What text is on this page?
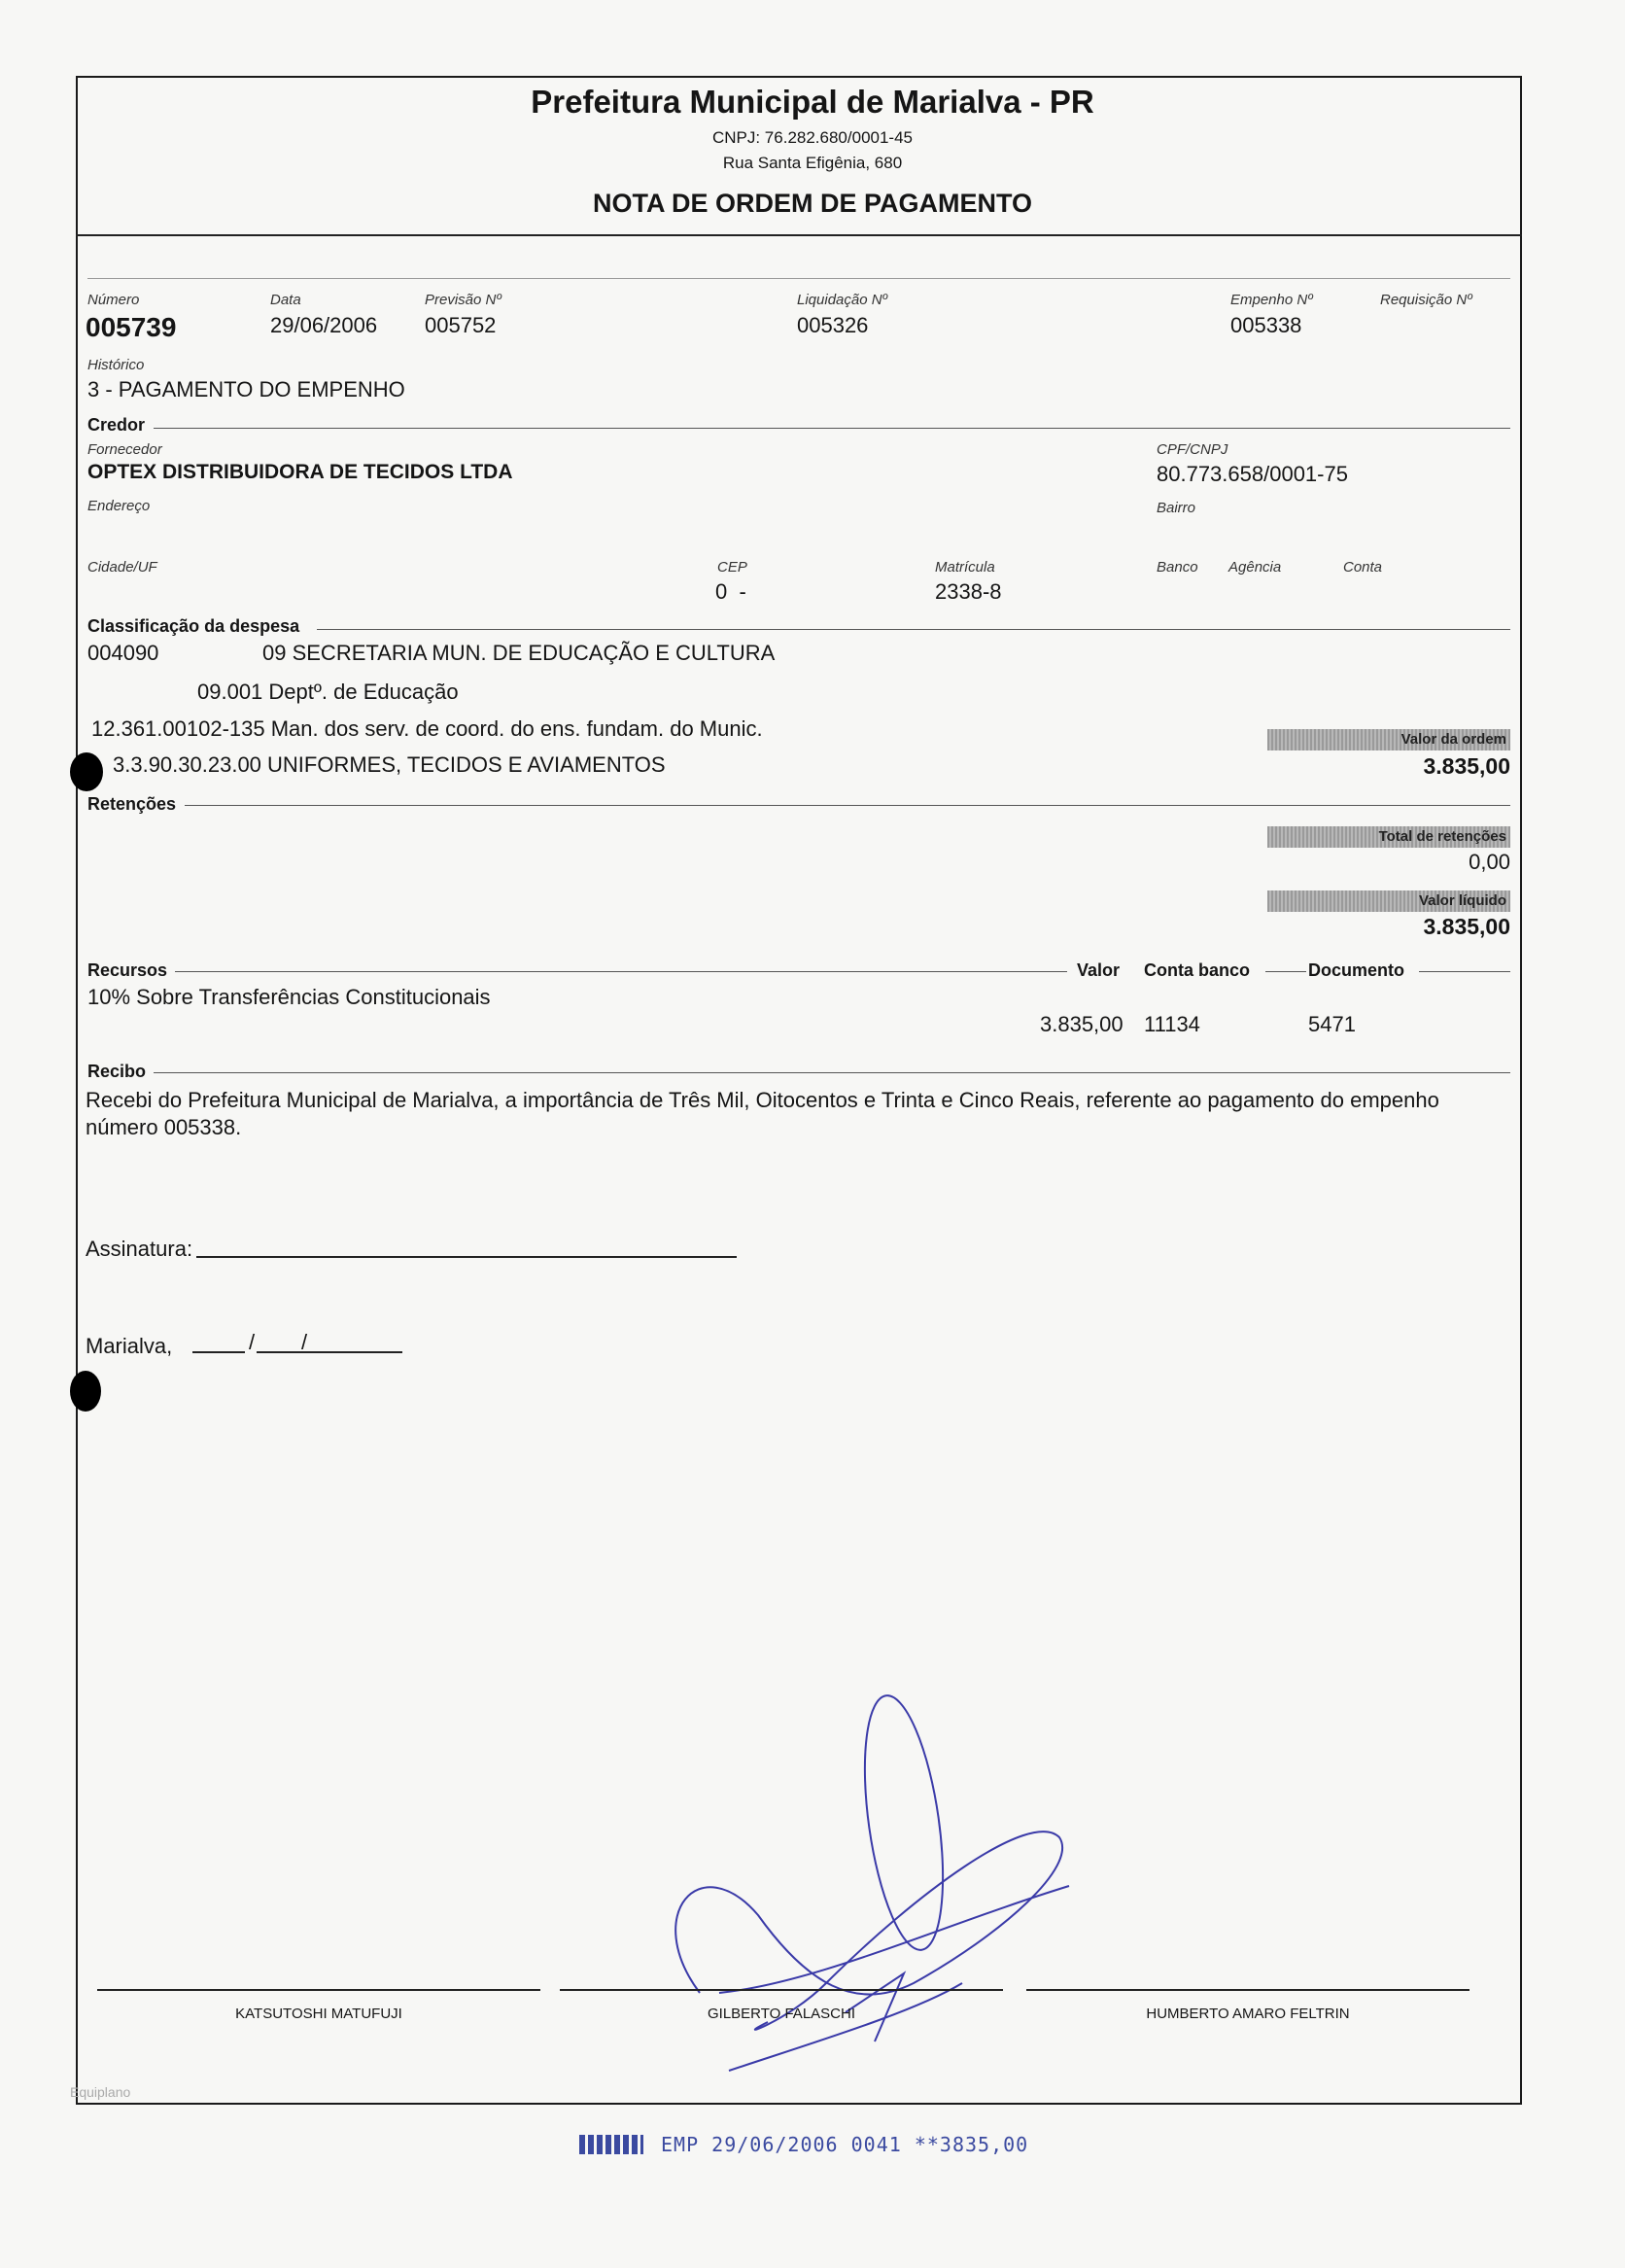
Prefeitura Municipal de Marialva - PR
CNPJ: 76.282.680/0001-45
Rua Santa Efigênia, 680
NOTA DE ORDEM DE PAGAMENTO
Número
005739
Data
29/06/2006
Previsão Nº
005752
Liquidação Nº
005326
Empenho Nº
005338
Requisição Nº
Histórico
3 - PAGAMENTO DO EMPENHO
Credor
Fornecedor
OPTEX DISTRIBUIDORA DE TECIDOS LTDA
CPF/CNPJ
80.773.658/0001-75
Endereço	Bairro
Cidade/UF	CEP
0  -
Matrícula
2338-8
Banco Agência	Conta
Classificação da despesa
004090	09 SECRETARIA MUN. DE EDUCAÇÃO E CULTURA
09.001 Deptº. de Educação
12.361.00102-135 Man. dos serv. de coord. do ens. fundam. do Munic.
3.3.90.30.23.00 UNIFORMES, TECIDOS E AVIAMENTOS
Valor da ordem
3.835,00
Retenções
Total de retenções
0,00
Valor líquido
3.835,00
Recursos	Valor Conta banco	Documento
10% Sobre Transferências Constitucionais
3.835,00 11134	5471
Recibo
Recebi do Prefeitura Municipal de Marialva, a importância de Três Mil, Oitocentos e Trinta e Cinco Reais, referente ao pagamento do empenho número 005338.
Assinatura:
Marialva,	/ /
KATSUTOSHI MATUFUJI	GILBERTO FALASCHI	HUMBERTO AMARO FELTRIN
Equiplano
EMP 29/06/2006 0041 **3835,00
